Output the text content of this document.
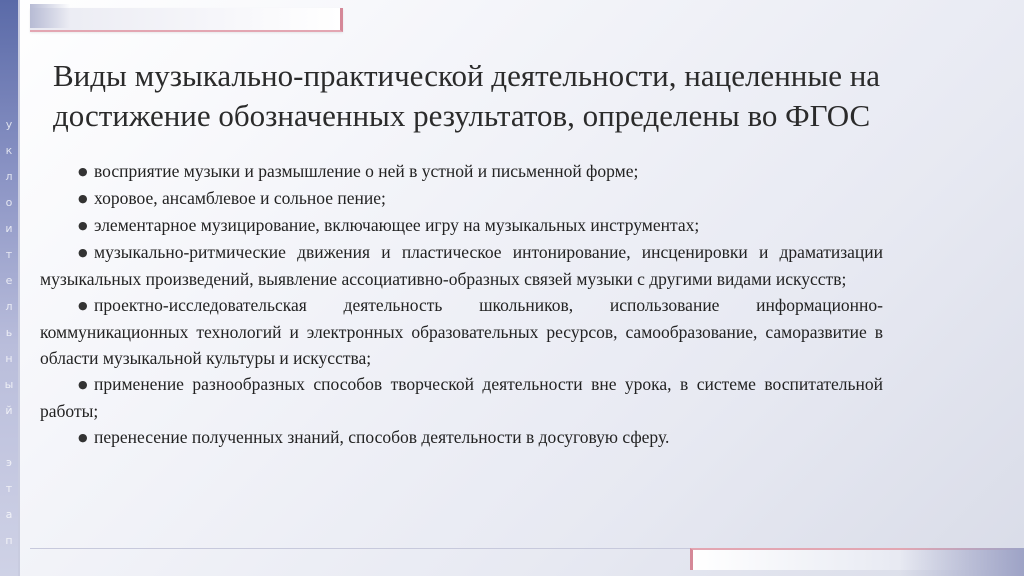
у
к
л
о
и
т
е
л
ь
н
ы
й

э
т
а
п
Виды музыкально-практической деятельности, нацеленные на достижение обозначенных результатов, определены во ФГОС
● восприятие музыки и размышление о ней в устной и письменной форме;
● хоровое, ансамблевое и сольное пение;
● элементарное музицирование, включающее игру на музыкальных инструментах;
● музыкально-ритмические движения и пластическое интонирование, инсценировки и драматизации музыкальных произведений, выявление ассоциативно-образных связей музыки с другими видами искусств;
● проектно-исследовательская деятельность школьников, использование информационно-коммуникационных технологий и электронных образовательных ресурсов, самообразование, саморазвитие в области музыкальной культуры и искусства;
● применение разнообразных способов творческой деятельности вне урока, в системе воспитательной работы;
● перенесение полученных знаний, способов деятельности в досуговую сферу.
